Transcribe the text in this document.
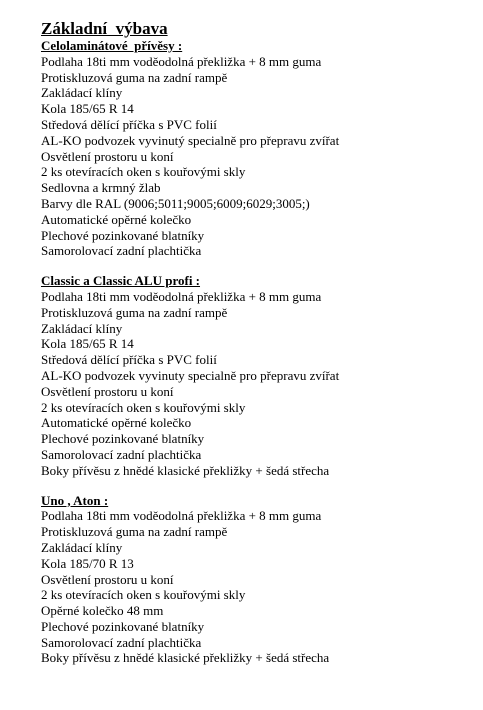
Základní  výbava
Celolaminátové  přívěsy :
Podlaha 18ti mm voděodolná překližka + 8 mm guma
Protiskluzová guma na zadní rampě
Zakládací klíny
Kola 185/65 R 14
Středová dělící příčka s PVC folií
AL-KO podvozek vyvinutý specialně pro přepravu zvířat
Osvětlení prostoru u koní
2 ks otevíracích oken s kouřovými skly
Sedlovna a krmný žlab
Barvy dle RAL (9006;5011;9005;6009;6029;3005;)
Automatické opěrné kolečko
Plechové pozinkované blatníky
Samorolovací zadní plachtička
Classic a Classic ALU profi :
Podlaha 18ti mm voděodolná překližka + 8 mm guma
Protiskluzová guma na zadní rampě
Zakládací klíny
Kola 185/65 R 14
Středová dělící příčka s PVC folií
AL-KO podvozek vyvinuty specialně pro přepravu zvířat
Osvětlení prostoru u koní
2 ks otevíracích oken s kouřovými skly
Automatické opěrné kolečko
Plechové pozinkované blatníky
Samorolovací zadní plachtička
Boky přívěsu z hnědé klasické překližky + šedá střecha
Uno , Aton :
Podlaha 18ti mm voděodolná překližka + 8 mm guma
Protiskluzová guma na zadní rampě
Zakládací klíny
Kola 185/70 R 13
Osvětlení prostoru u koní
2 ks otevíracích oken s kouřovými skly
Opěrné kolečko 48 mm
Plechové pozinkované blatníky
Samorolovací zadní plachtička
Boky přívěsu z hnědé klasické překližky + šedá střecha
